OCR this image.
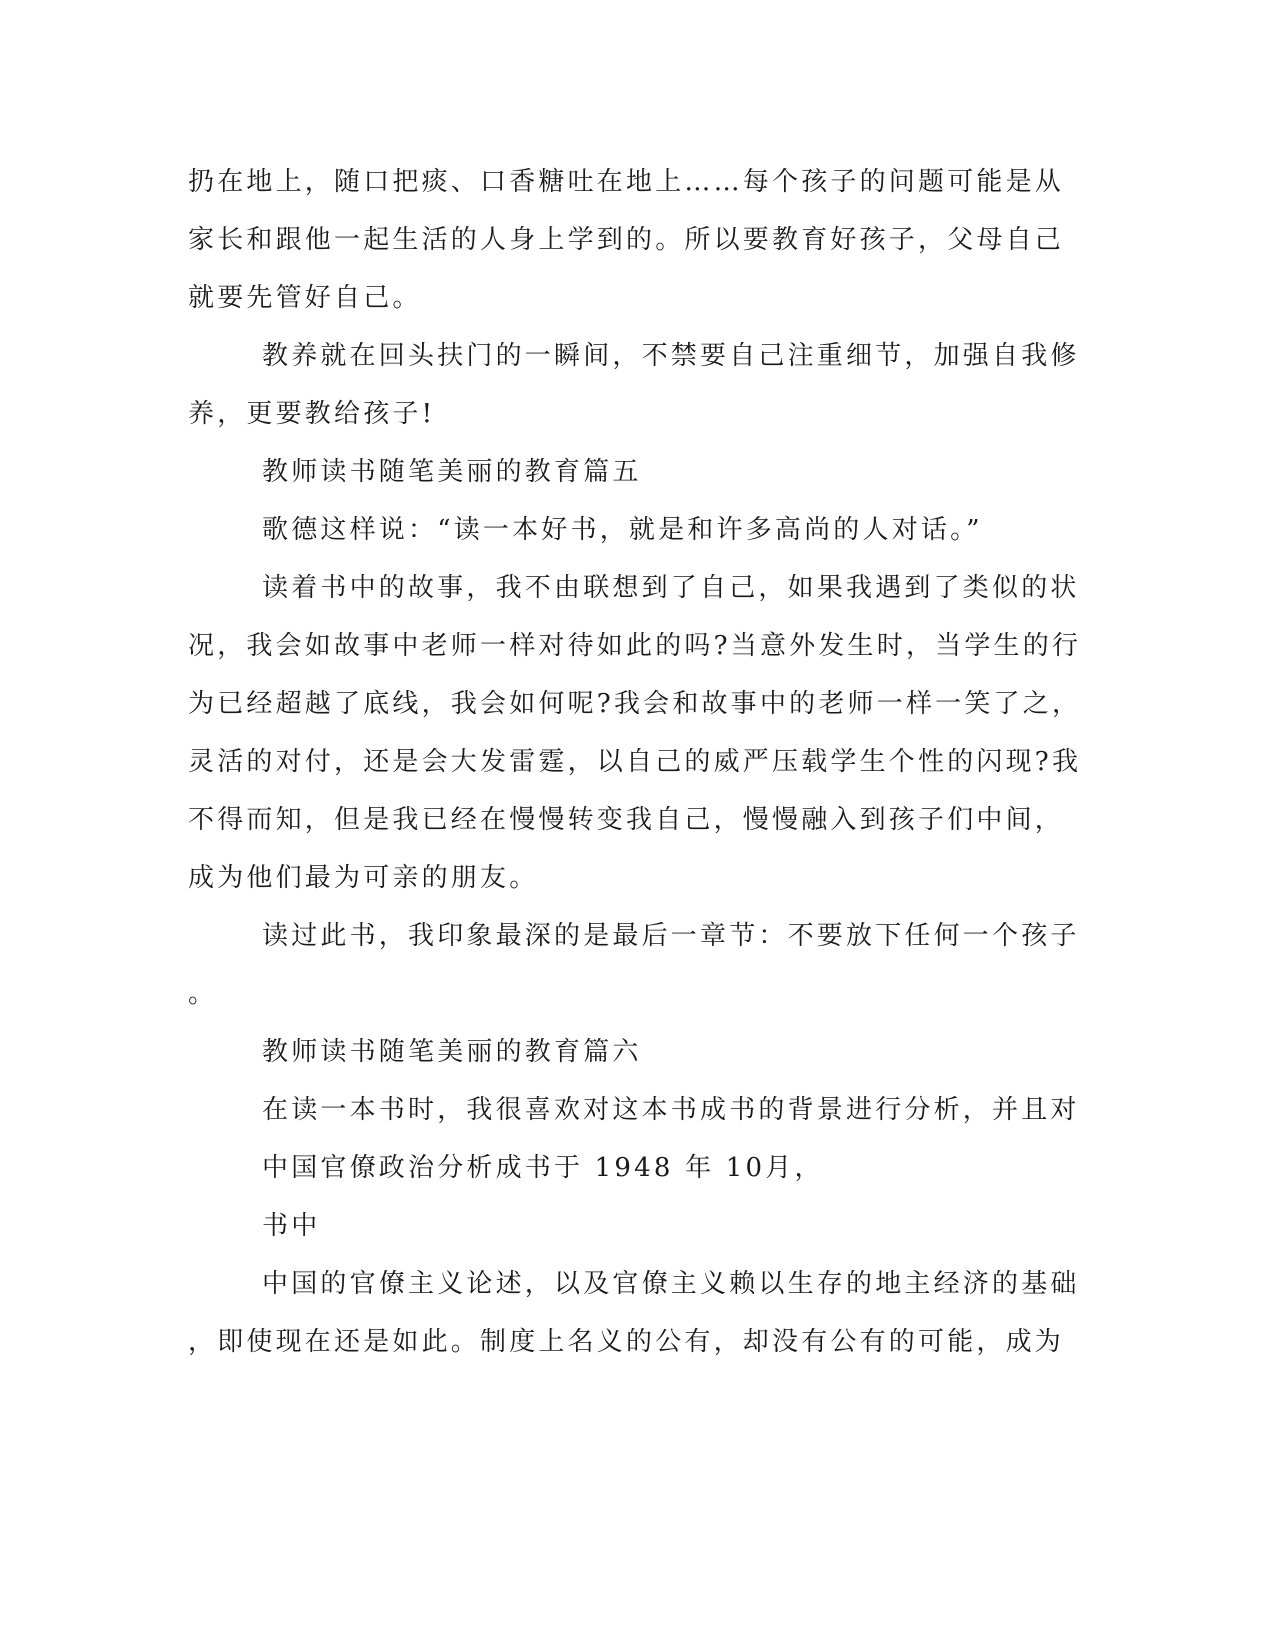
扔在地上，随口把痰、口香糖吐在地上……每个孩子的问题可能是从
家长和跟他一起生活的人身上学到的。所以要教育好孩子，父母自己
就要先管好自己。
教养就在回头扶门的一瞬间，不禁要自己注重细节，加强自我修
养，更要教给孩子!
教师读书随笔美丽的教育篇五
歌德这样说：“读一本好书，就是和许多高尚的人对话。”
读着书中的故事，我不由联想到了自己，如果我遇到了类似的状
况，我会如故事中老师一样对待如此的吗?当意外发生时，当学生的行
为已经超越了底线，我会如何呢?我会和故事中的老师一样一笑了之，
灵活的对付，还是会大发雷霆，以自己的威严压载学生个性的闪现?我
不得而知，但是我已经在慢慢转变我自己，慢慢融入到孩子们中间，
成为他们最为可亲的朋友。
读过此书，我印象最深的是最后一章节：不要放下任何一个孩子
。
教师读书随笔美丽的教育篇六
在读一本书时，我很喜欢对这本书成书的背景进行分析，并且对
中国官僚政治分析成书于 1948 年 10月，
书中
中国的官僚主义论述，以及官僚主义赖以生存的地主经济的基础
，即使现在还是如此。制度上名义的公有，却没有公有的可能，成为
